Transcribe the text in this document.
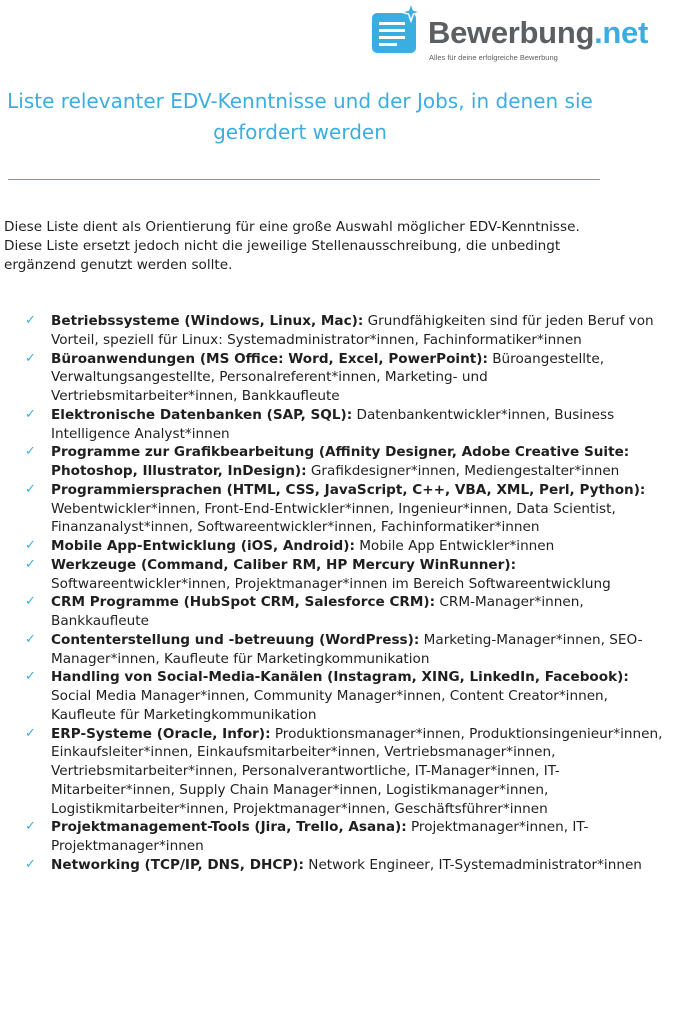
Bewerbung.net
Alles für deine erfolgreiche Bewerbung
Liste relevanter EDV-Kenntnisse und der Jobs, in denen sie gefordert werden

Diese Liste dient als Orientierung für eine große Auswahl möglicher EDV-Kenntnisse. Diese Liste ersetzt jedoch nicht die jeweilige Stellenausschreibung, die unbedingt ergänzend genutzt werden sollte.

✓ Betriebssysteme (Windows, Linux, Mac): Grundfähigkeiten sind für jeden Beruf von Vorteil, speziell für Linux: Systemadministrator*innen, Fachinformatiker*innen
✓ Büroanwendungen (MS Office: Word, Excel, PowerPoint): Büroangestellte, Verwaltungsangestellte, Personalreferent*innen, Marketing- und Vertriebsmitarbeiter*innen, Bankkaufleute
✓ Elektronische Datenbanken (SAP, SQL): Datenbankentwickler*innen, Business Intelligence Analyst*innen
✓ Programme zur Grafikbearbeitung (Affinity Designer, Adobe Creative Suite: Photoshop, Illustrator, InDesign): Grafikdesigner*innen, Mediengestalter*innen
✓ Programmiersprachen (HTML, CSS, JavaScript, C++, VBA, XML, Perl, Python): Webentwickler*innen, Front-End-Entwickler*innen, Ingenieur*innen, Data Scientist, Finanzanalyst*innen, Softwareentwickler*innen, Fachinformatiker*innen
✓ Mobile App-Entwicklung (iOS, Android): Mobile App Entwickler*innen
✓ Werkzeuge (Command, Caliber RM, HP Mercury WinRunner): Softwareentwickler*innen, Projektmanager*innen im Bereich Softwareentwicklung
✓ CRM Programme (HubSpot CRM, Salesforce CRM): CRM-Manager*innen, Bankkaufleute
✓ Contenterstellung und -betreuung (WordPress): Marketing-Manager*innen, SEO-Manager*innen, Kaufleute für Marketingkommunikation
✓ Handling von Social-Media-Kanälen (Instagram, XING, LinkedIn, Facebook): Social Media Manager*innen, Community Manager*innen, Content Creator*innen, Kaufleute für Marketingkommunikation
✓ ERP-Systeme (Oracle, Infor): Produktionsmanager*innen, Produktionsingenieur*innen, Einkaufsleiter*innen, Einkaufsmitarbeiter*innen, Vertriebsmanager*innen, Vertriebsmitarbeiter*innen, Personalverantwortliche, IT-Manager*innen, IT-Mitarbeiter*innen, Supply Chain Manager*innen, Logistikmanager*innen, Logistikmitarbeiter*innen, Projektmanager*innen, Geschäftsführer*innen
✓ Projektmanagement-Tools (Jira, Trello, Asana): Projektmanager*innen, IT-Projektmanager*innen
✓ Networking (TCP/IP, DNS, DHCP): Network Engineer, IT-Systemadministrator*innen
